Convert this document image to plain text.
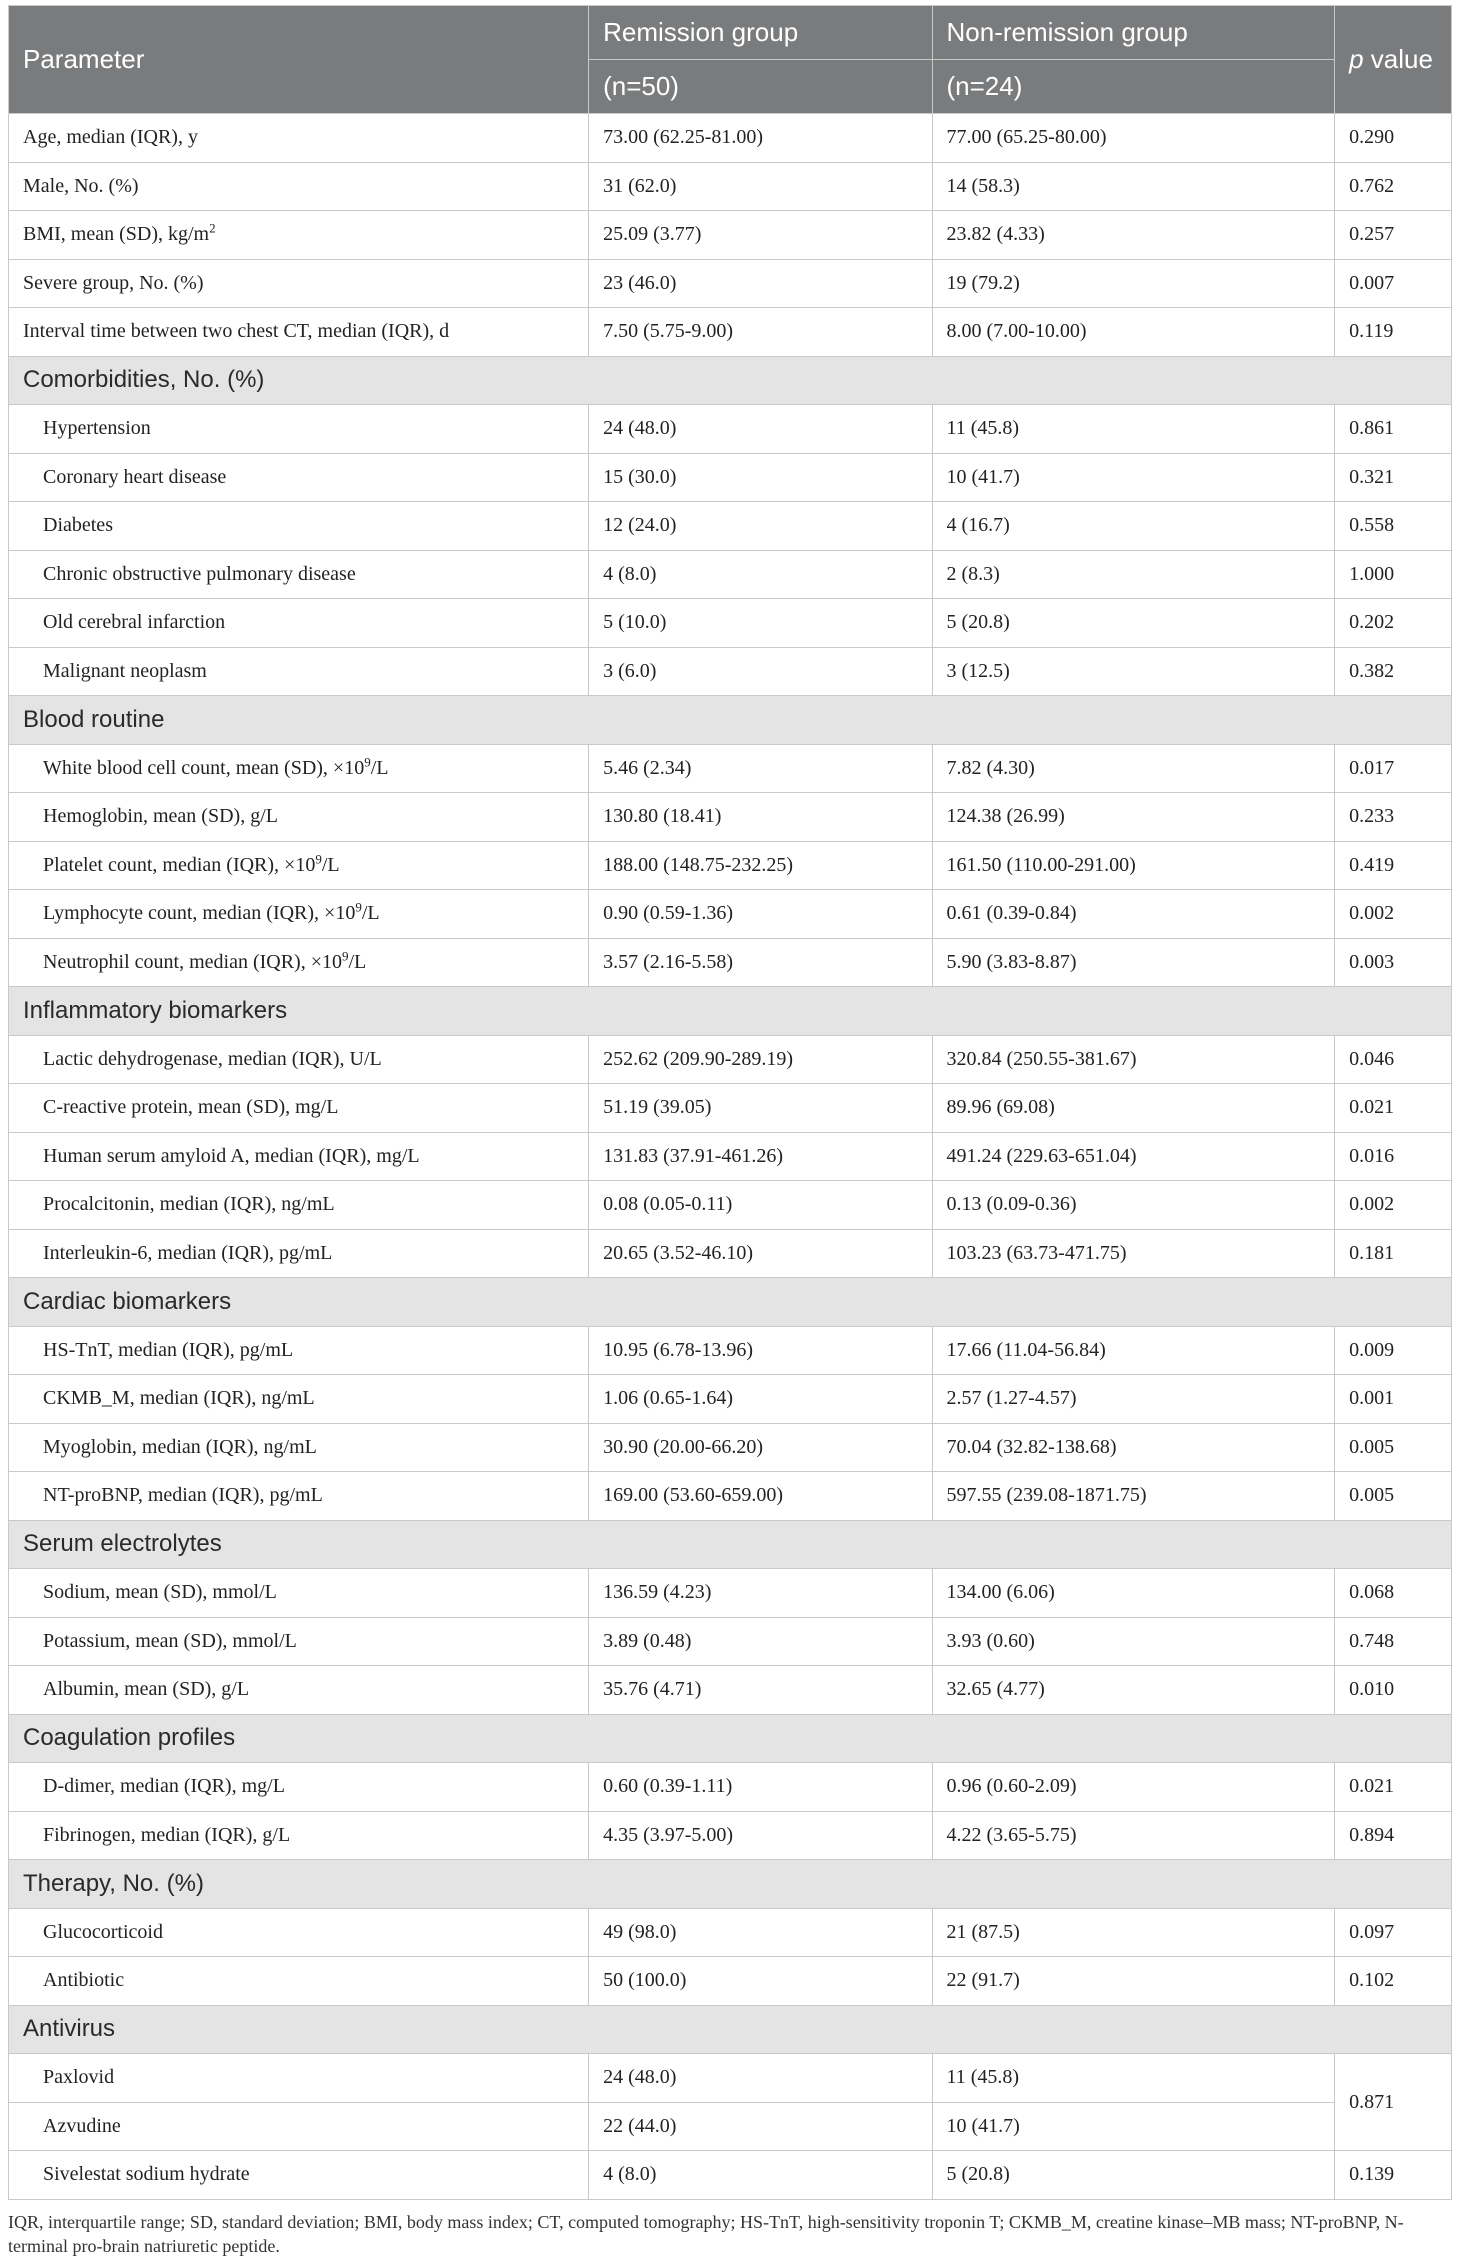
Parameter	Remission group	Non-remission group	p value
	(n=50)	(n=24)	
Age, median (IQR), y	73.00 (62.25-81.00)	77.00 (65.25-80.00)	0.290
Male, No. (%)	31 (62.0)	14 (58.3)	0.762
BMI, mean (SD), $kg/m^2$	25.09 (3.77)	23.82 (4.33)	0.257
Severe group, No. (%)	23 (46.0)	19 (79.2)	0.007
Interval time between two chest CT, median (IQR), d	7.50 (5.75-9.00)	8.00 (7.00-10.00)	0.119
Comorbidities, No. (%)			
Hypertension	24 (48.0)	11 (45.8)	0.861
Coronary heart disease	15 (30.0)	10 (41.7)	0.321
Diabetes	12 (24.0)	4 (16.7)	0.558
Chronic obstructive pulmonary disease	4 (8.0)	2 (8.3)	1.000
Old cerebral infarction	5 (10.0)	5 (20.8)	0.202
Malignant neoplasm	3 (6.0)	3 (12.5)	0.382
Blood routine			
White blood cell count, mean (SD), $\times 10^9/L$	5.46 (2.34)	7.82 (4.30)	0.017
Hemoglobin, mean (SD), g/L	130.80 (18.41)	124.38 (26.99)	0.233
Platelet count, median (IQR), $\times 10^9/L$	188.00 (148.75-232.25)	161.50 (110.00-291.00)	0.419
Lymphocyte count, median (IQR), $\times 10^9/L$	0.90 (0.59-1.36)	0.61 (0.39-0.84)	0.002
Neutrophil count, median (IQR), $\times 10^9/L$	3.57 (2.16-5.58)	5.90 (3.83-8.87)	0.003
Inflammatory biomarkers			
Lactic dehydrogenase, median (IQR), U/L	252.62 (209.90-289.19)	320.84 (250.55-381.67)	0.046
C-reactive protein, mean (SD), mg/L	51.19 (39.05)	89.96 (69.08)	0.021
Human serum amyloid A, median (IQR), mg/L	131.83 (37.91-461.26)	491.24 (229.63-651.04)	0.016
Procalcitonin, median (IQR), ng/mL	0.08 (0.05-0.11)	0.13 (0.09-0.36)	0.002
Interleukin-6, median (IQR), pg/mL	20.65 (3.52-46.10)	103.23 (63.73-471.75)	0.181
Cardiac biomarkers			
HS-TnT, median (IQR), pg/mL	10.95 (6.78-13.96)	17.66 (11.04-56.84)	0.009
CKMB_M, median (IQR), ng/mL	1.06 (0.65-1.64)	2.57 (1.27-4.57)	0.001
Myoglobin, median (IQR), ng/mL	30.90 (20.00-66.20)	70.04 (32.82-138.68)	0.005
NT-proBNP, median (IQR), pg/mL	169.00 (53.60-659.00)	597.55 (239.08-1871.75)	0.005
Serum electrolytes			
Sodium, mean (SD), mmol/L	136.59 (4.23)	134.00 (6.06)	0.068
Potassium, mean (SD), mmol/L	3.89 (0.48)	3.93 (0.60)	0.748
Albumin, mean (SD), g/L	35.76 (4.71)	32.65 (4.77)	0.010
Coagulation profiles			
D-dimer, median (IQR), mg/L	0.60 (0.39-1.11)	0.96 (0.60-2.09)	0.021
Fibrinogen, median (IQR), g/L	4.35 (3.97-5.00)	4.22 (3.65-5.75)	0.894
Therapy, No. (%)			
Glucocorticoid	49 (98.0)	21 (87.5)	0.097
Antibiotic	50 (100.0)	22 (91.7)	0.102
Antivirus			
Paxlovid	24 (48.0)	11 (45.8)	0.871
Azvudine	22 (44.0)	10 (41.7)	
Sivelestat sodium hydrate	4 (8.0)	5 (20.8)	0.139
IQR, interquartile range; SD, standard deviation; BMI, body mass index; CT, computed tomography; HS-TnT, high-sensitivity troponin T; CKMB_M, creatine kinase–MB mass; NT-proBNP, N-terminal pro-brain natriuretic peptide.
